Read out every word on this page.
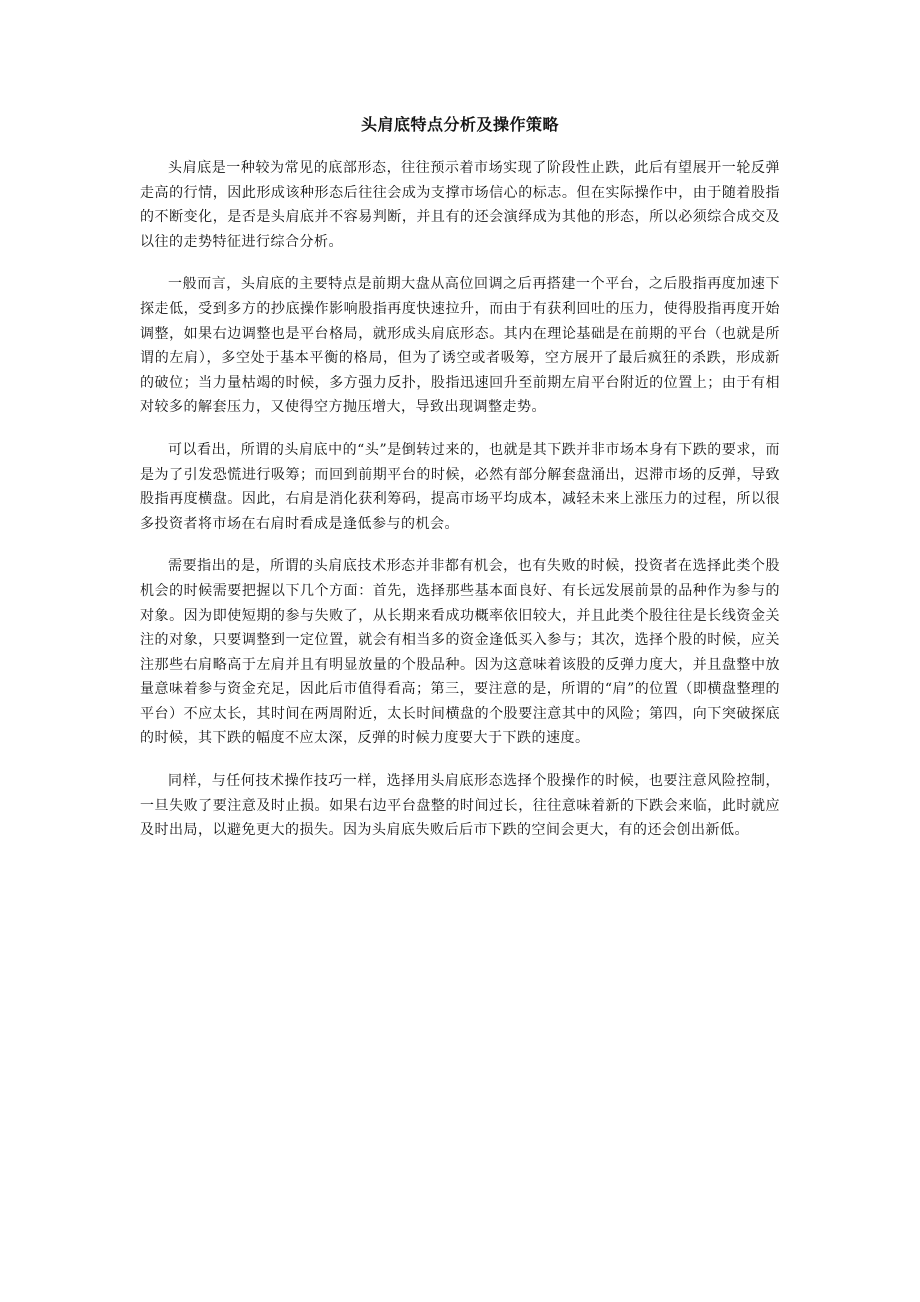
头肩底特点分析及操作策略

头肩底是一种较为常见的底部形态，往往预示着市场实现了阶段性止跌，此后有望展开一轮反弹走高的行情，因此形成该种形态后往往会成为支撑市场信心的标志。但在实际操作中，由于随着股指的不断变化，是否是头肩底并不容易判断，并且有的还会演绎成为其他的形态，所以必须综合成交及以往的走势特征进行综合分析。

一般而言，头肩底的主要特点是前期大盘从高位回调之后再搭建一个平台，之后股指再度加速下探走低，受到多方的抄底操作影响股指再度快速拉升，而由于有获利回吐的压力，使得股指再度开始调整，如果右边调整也是平台格局，就形成头肩底形态。其内在理论基础是在前期的平台（也就是所谓的左肩），多空处于基本平衡的格局，但为了诱空或者吸筹，空方展开了最后疯狂的杀跌，形成新的破位；当力量枯竭的时候，多方强力反扑，股指迅速回升至前期左肩平台附近的位置上；由于有相对较多的解套压力，又使得空方抛压增大，导致出现调整走势。

可以看出，所谓的头肩底中的“头”是倒转过来的，也就是其下跌并非市场本身有下跌的要求，而是为了引发恐慌进行吸筹；而回到前期平台的时候，必然有部分解套盘涌出，迟滞市场的反弹，导致股指再度横盘。因此，右肩是消化获利筹码，提高市场平均成本，减轻未来上涨压力的过程，所以很多投资者将市场在右肩时看成是逢低参与的机会。

需要指出的是，所谓的头肩底技术形态并非都有机会，也有失败的时候，投资者在选择此类个股机会的时候需要把握以下几个方面：首先，选择那些基本面良好、有长远发展前景的品种作为参与的对象。因为即使短期的参与失败了，从长期来看成功概率依旧较大，并且此类个股往往是长线资金关注的对象，只要调整到一定位置，就会有相当多的资金逢低买入参与；其次，选择个股的时候，应关注那些右肩略高于左肩并且有明显放量的个股品种。因为这意味着该股的反弹力度大，并且盘整中放量意味着参与资金充足，因此后市值得看高；第三，要注意的是，所谓的“肩”的位置（即横盘整理的平台）不应太长，其时间在两周附近，太长时间横盘的个股要注意其中的风险；第四，向下突破探底的时候，其下跌的幅度不应太深，反弹的时候力度要大于下跌的速度。

同样，与任何技术操作技巧一样，选择用头肩底形态选择个股操作的时候，也要注意风险控制，一旦失败了要注意及时止损。如果右边平台盘整的时间过长，往往意味着新的下跌会来临，此时就应及时出局，以避免更大的损失。因为头肩底失败后后市下跌的空间会更大，有的还会创出新低。
